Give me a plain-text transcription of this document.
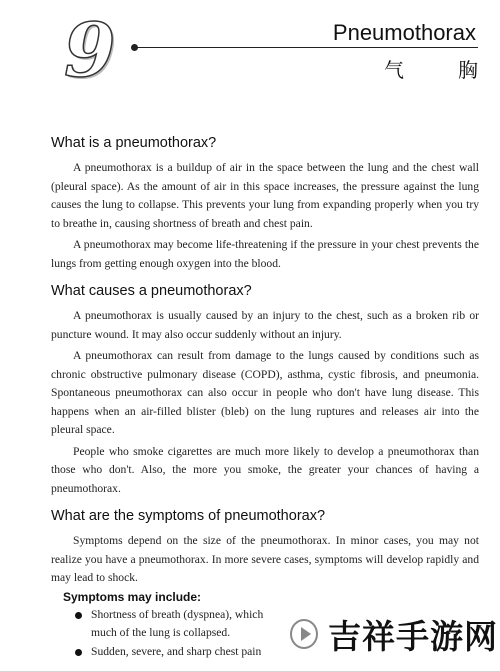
9	Pneumothorax
气	胸
What is a pneumothorax?

A pneumothorax is a buildup of air in the space between the lung and the chest wall (pleural space). As the amount of air in this space increases, the pressure against the lung causes the lung to collapse. This prevents your lung from expanding properly when you try to breathe in, causing shortness of breath and chest pain.

A pneumothorax may become life-threatening if the pressure in your chest prevents the lungs from getting enough oxygen into the blood.

What causes a pneumothorax?

A pneumothorax is usually caused by an injury to the chest, such as a broken rib or puncture wound. It may also occur suddenly without an injury.

A pneumothorax can result from damage to the lungs caused by conditions such as chronic obstructive pulmonary disease (COPD), asthma, cystic fibrosis, and pneumonia. Spontaneous pneumothorax can also occur in people who don't have lung disease. This happens when an air-filled blister (bleb) on the lung ruptures and releases air into the pleural space.

People who smoke cigarettes are much more likely to develop a pneumothorax than those who don't. Also, the more you smoke, the greater your chances of having a pneumothorax.

What are the symptoms of pneumothorax?

Symptoms depend on the size of the pneumothorax. In minor cases, you may not realize you have a pneumothorax. In more severe cases, symptoms will develop rapidly and may lead to shock.

Symptoms may include:
Shortness of breath (dyspnea), which
much of the lung is collapsed.
Sudden, severe, and sharp chest pain	吉祥手游网
